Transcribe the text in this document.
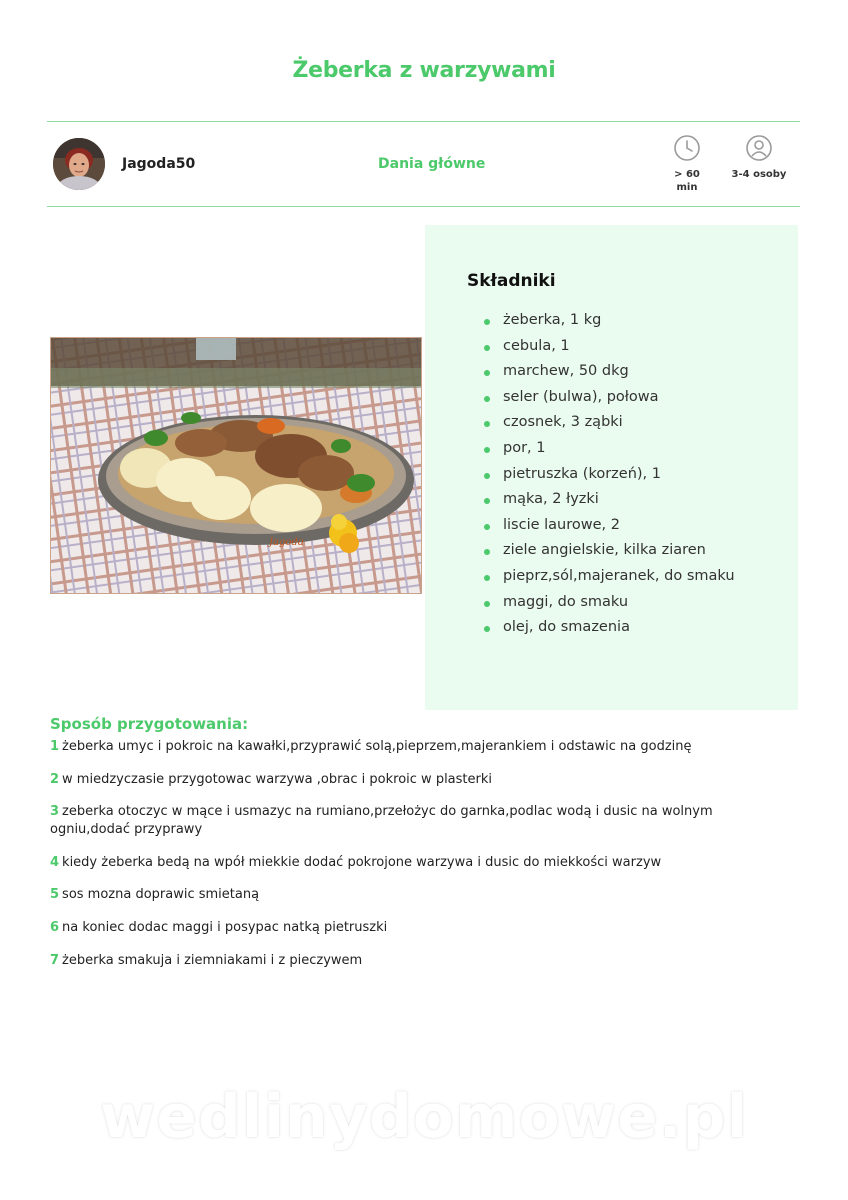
Żeberka z warzywami
Jagoda50	Dania główne
> 60
min
3-4 osoby
Jagoda
Składniki
żeberka, 1 kg
cebula, 1
marchew, 50 dkg
seler (bulwa), połowa
czosnek, 3 ząbki
por, 1
pietruszka (korzeń), 1
mąka, 2 łyzki
liscie laurowe, 2
ziele angielskie, kilka ziaren
pieprz,sól,majeranek, do smaku
maggi, do smaku
olej, do smazenia
Sposób przygotowania:

1 żeberka umyc i pokroic na kawałki,przyprawić solą,pieprzem,majerankiem i odstawic na godzinę

2 w miedzyczasie przygotowac warzywa ,obrac i pokroic w plasterki

3 zeberka otoczyc w mące i usmazyc na rumiano,przełożyc do garnka,podlac wodą i dusic na wolnym ogniu,dodać przyprawy

4 kiedy żeberka bedą na wpół miekkie dodać pokrojone warzywa i dusic do miekkości warzyw

5 sos mozna doprawic smietaną

6 na koniec dodac maggi i posypac natką pietruszki

7 żeberka smakuja i ziemniakami i z pieczywem

wedlinydomowe.pl
